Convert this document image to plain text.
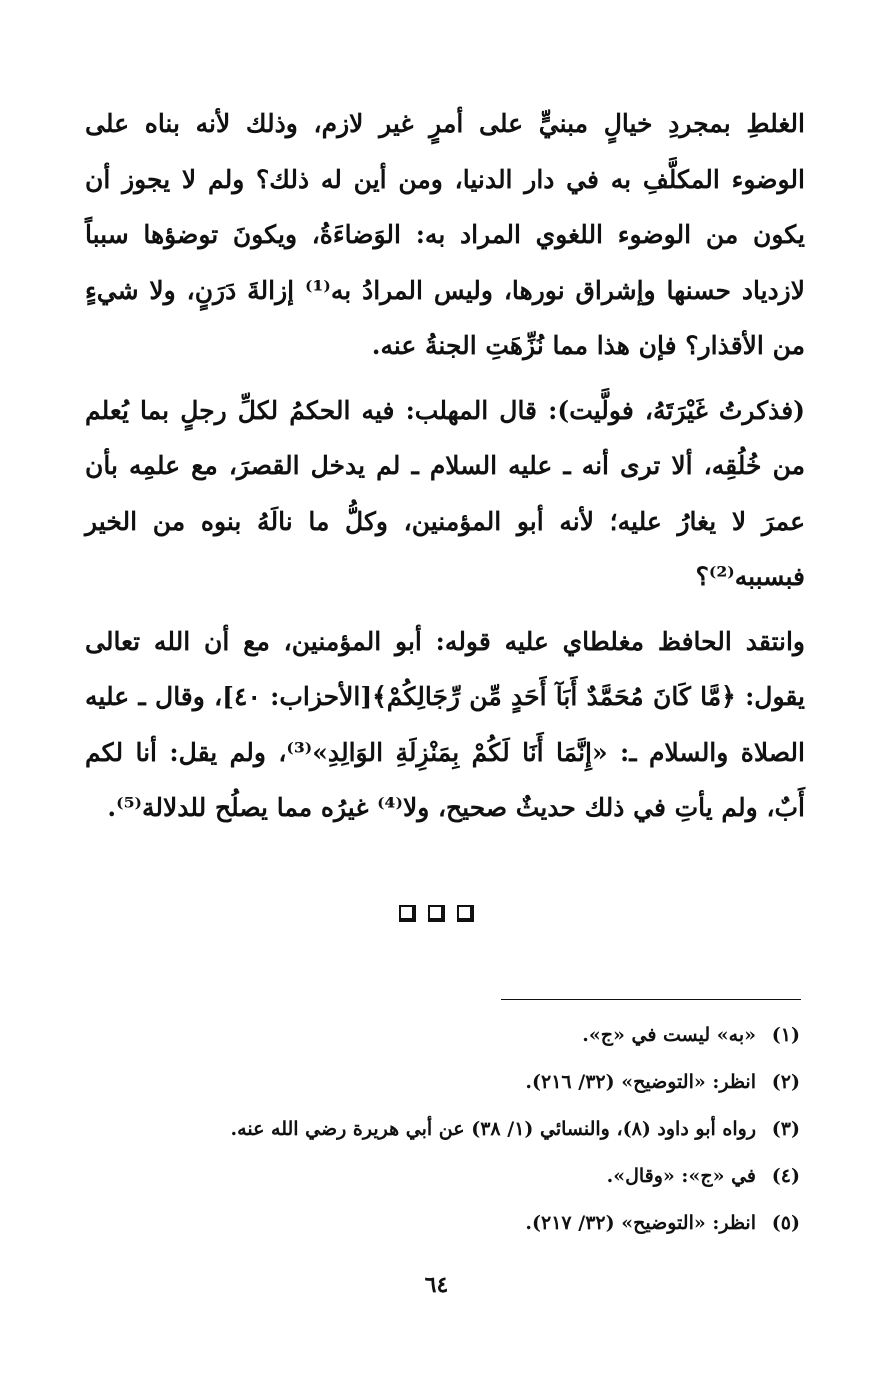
الغلطِ بمجردِ خيالٍ مبنيٍّ على أمرٍ غير لازم، وذلك لأنه بناه على الوضوء المكلَّفِ به في دار الدنيا، ومن أين له ذلك؟ ولم لا يجوز أن يكون من الوضوء اللغوي المراد به: الوَضاءَةُ، ويكونَ توضؤها سبباً لازدياد حسنها وإشراق نورها، وليس المرادُ به⁽¹⁾ إزالةَ دَرَنٍ، ولا شيءٍ من الأقذار؟ فإن هذا مما نُزِّهَتِ الجنةُ عنه.

(فذكرتُ غَيْرَتَهُ، فولَّيت): قال المهلب: فيه الحكمُ لكلِّ رجلٍ بما يُعلم من خُلُقِه، ألا ترى أنه ـ عليه السلام ـ لم يدخل القصرَ، مع علمِه بأن عمرَ لا يغارُ عليه؛ لأنه أبو المؤمنين، وكلُّ ما نالَهُ بنوه من الخير فبسببه⁽²⁾؟

وانتقد الحافظ مغلطاي عليه قوله: أبو المؤمنين، مع أن الله تعالى يقول: ﴿مَّا كَانَ مُحَمَّدٌ أَبَآ أَحَدٍ مِّن رِّجَالِكُمْ﴾[الأحزاب: ٤٠]، وقال ـ عليه الصلاة والسلام ـ: «إِنَّمَا أَنَا لَكُمْ بِمَنْزِلَةِ الوَالِدِ»⁽³⁾، ولم يقل: أنا لكم أَبٌ، ولم يأتِ في ذلك حديثٌ صحيح، ولا⁽⁴⁾ غيرُه مما يصلُح للدلالة⁽⁵⁾.

(١)«به» ليست في «ج».
(٢)انظر: «التوضيح» (٣٢/ ٢١٦).
(٣)رواه أبو داود (٨)، والنسائي (١/ ٣٨) عن أبي هريرة رضي الله عنه.
(٤)في «ج»: «وقال».
(٥)انظر: «التوضيح» (٣٢/ ٢١٧).
٦٤
